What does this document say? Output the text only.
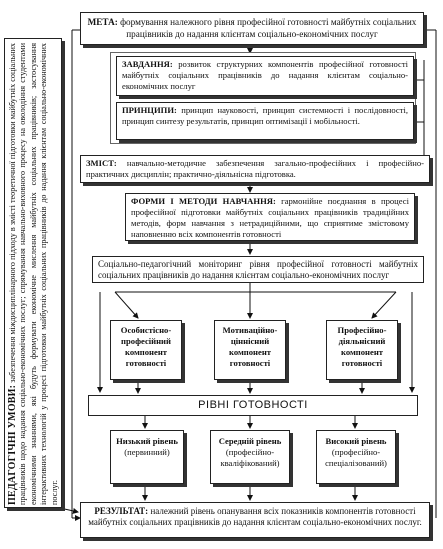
ПЕДАГОГІЧНІ УМОВИ: забезпечення міждисциплінарного підходу в змісті теоретичної підготовки майбутніх соціальних працівників щодо надання соціально-економічних послуг; спрямування навчально-виховного процесу на оволодіння студентами економічними знаннями, які будуть формувати економічне мислення майбутніх соціальних працівників; застосування інтерактивних технологій у процесі підготовки майбутніх соціальних працівників до надання клієнтам соціально-економічних послуг.
МЕТА: формування належного рівня професійної готовності майбутніх соціальних працівників до надання клієнтам соціально-економічних послуг
ЗАВДАННЯ: розвиток структурних компонентів професійної готовності майбутніх соціальних працівників до надання клієнтам соціально-економічних послуг
ПРИНЦИПИ: принцип науковості, принцип системності і послідовності, принцип синтезу результатів, принцип оптимізації і мобільності.
ЗМІСТ: навчально-методичне забезпечення загально-професійних і професійно-практичних дисциплін; практично-діяльнісна підготовка.
ФОРМИ І МЕТОДИ НАВЧАННЯ: гармонійне поєднання в процесі професійної підготовки майбутніх соціальних працівників традиційних методів, форм навчання з нетрадиційними, що сприятиме змістовому наповненню всіх компонентів готовності
Соціально-педагогічний моніторинг рівня професійної готовності майбутніх соціальних працівників до надання клієнтам соціально-економічних послуг
Особистісно-професійний компонент готовності
Мотиваційно-ціннісний компонент готовності
Професійно-діяльнісний компонент готовності
РІВНІ ГОТОВНОСТІ
Низький рівень
(первинний)
Середній рівень
(професійно-кваліфікований)
Високий рівень
(професійно-спеціалізований)
РЕЗУЛЬТАТ: належний рівень опанування всіх показників компонентів готовності майбутніх соціальних працівників до надання клієнтам соціально-економічних послуг.
